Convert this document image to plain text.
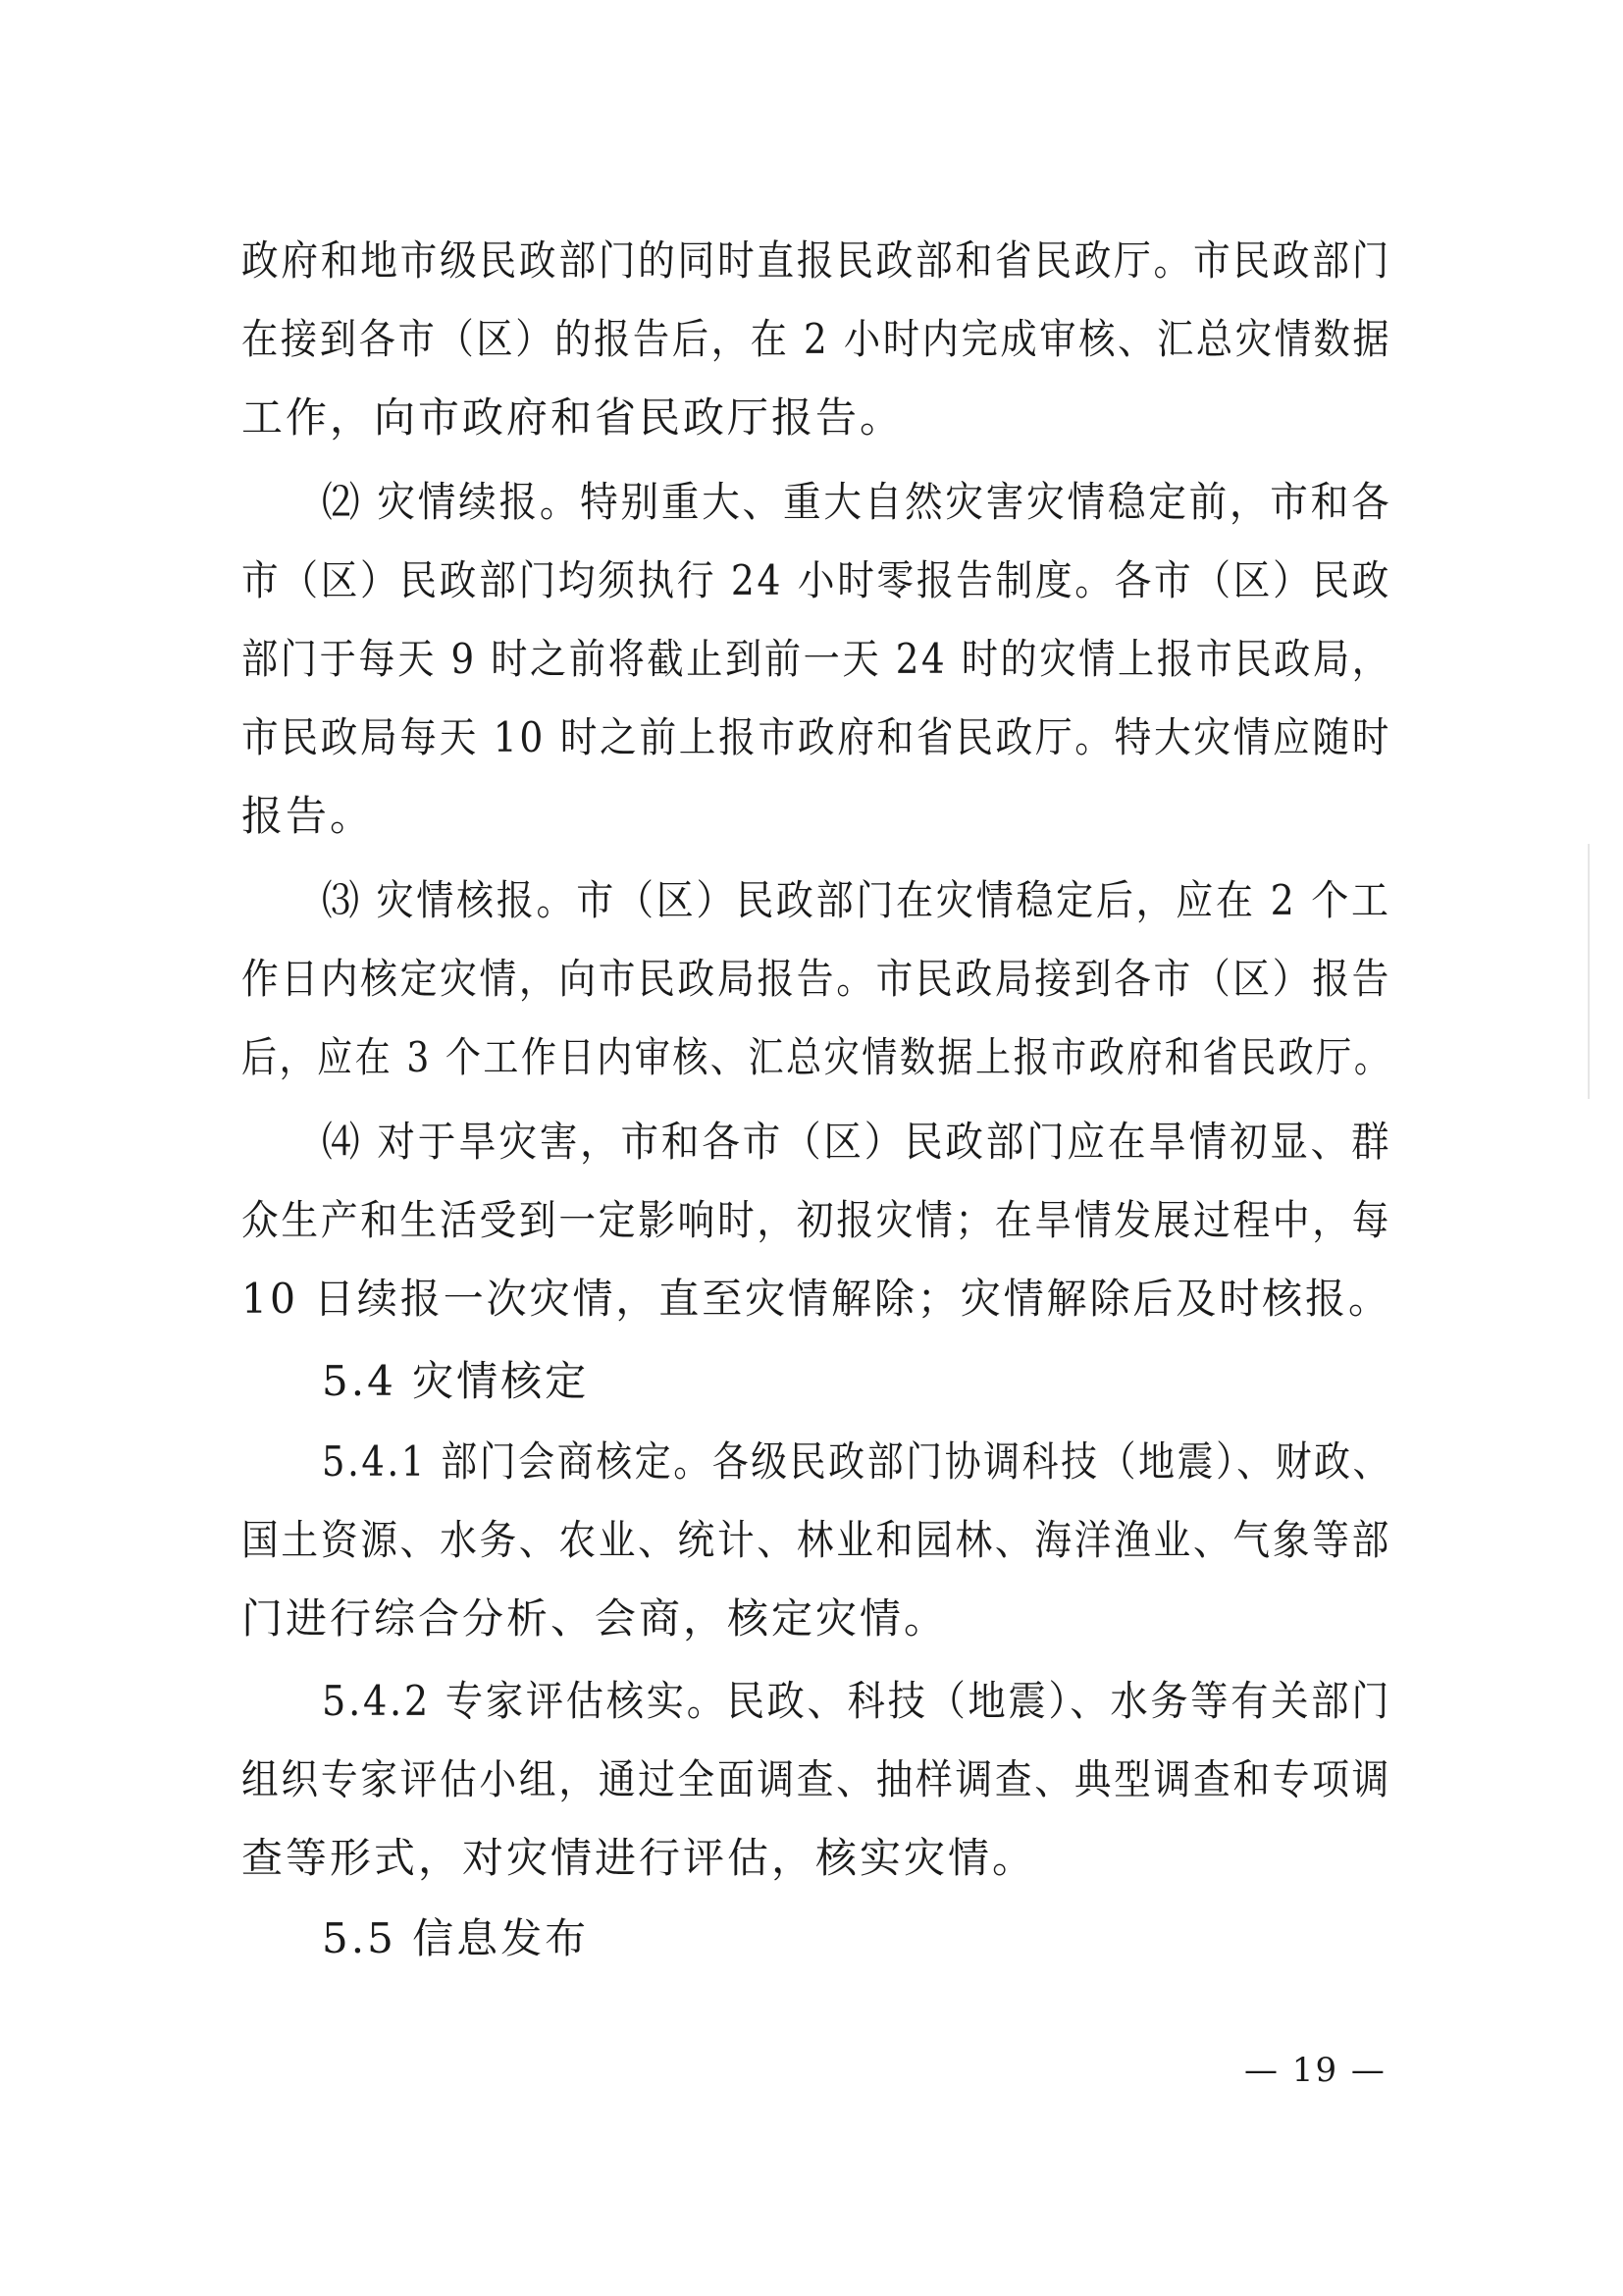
政府和地市级民政部门的同时直报民政部和省民政厅。市民政部门
在接到各市（区）的报告后，在 2 小时内完成审核、汇总灾情数据
工作，向市政府和省民政厅报告。
⑵ 灾情续报。特别重大、重大自然灾害灾情稳定前，市和各
市（区）民政部门均须执行 24 小时零报告制度。各市（区）民政
部门于每天 9 时之前将截止到前一天 24 时的灾情上报市民政局，
市民政局每天 10 时之前上报市政府和省民政厅。特大灾情应随时
报告。
⑶ 灾情核报。市（区）民政部门在灾情稳定后，应在 2 个工
作日内核定灾情，向市民政局报告。市民政局接到各市（区）报告
后，应在 3 个工作日内审核、汇总灾情数据上报市政府和省民政厅。
⑷ 对于旱灾害，市和各市（区）民政部门应在旱情初显、群
众生产和生活受到一定影响时，初报灾情；在旱情发展过程中，每
10 日续报一次灾情，直至灾情解除；灾情解除后及时核报。
5.4 灾情核定
5.4.1 部门会商核定。各级民政部门协调科技（地震）、财政、
国土资源、水务、农业、统计、林业和园林、海洋渔业、气象等部
门进行综合分析、会商，核定灾情。
5.4.2 专家评估核实。民政、科技（地震）、水务等有关部门
组织专家评估小组，通过全面调查、抽样调查、典型调查和专项调
查等形式，对灾情进行评估，核实灾情。
5.5 信息发布
— 19 —
